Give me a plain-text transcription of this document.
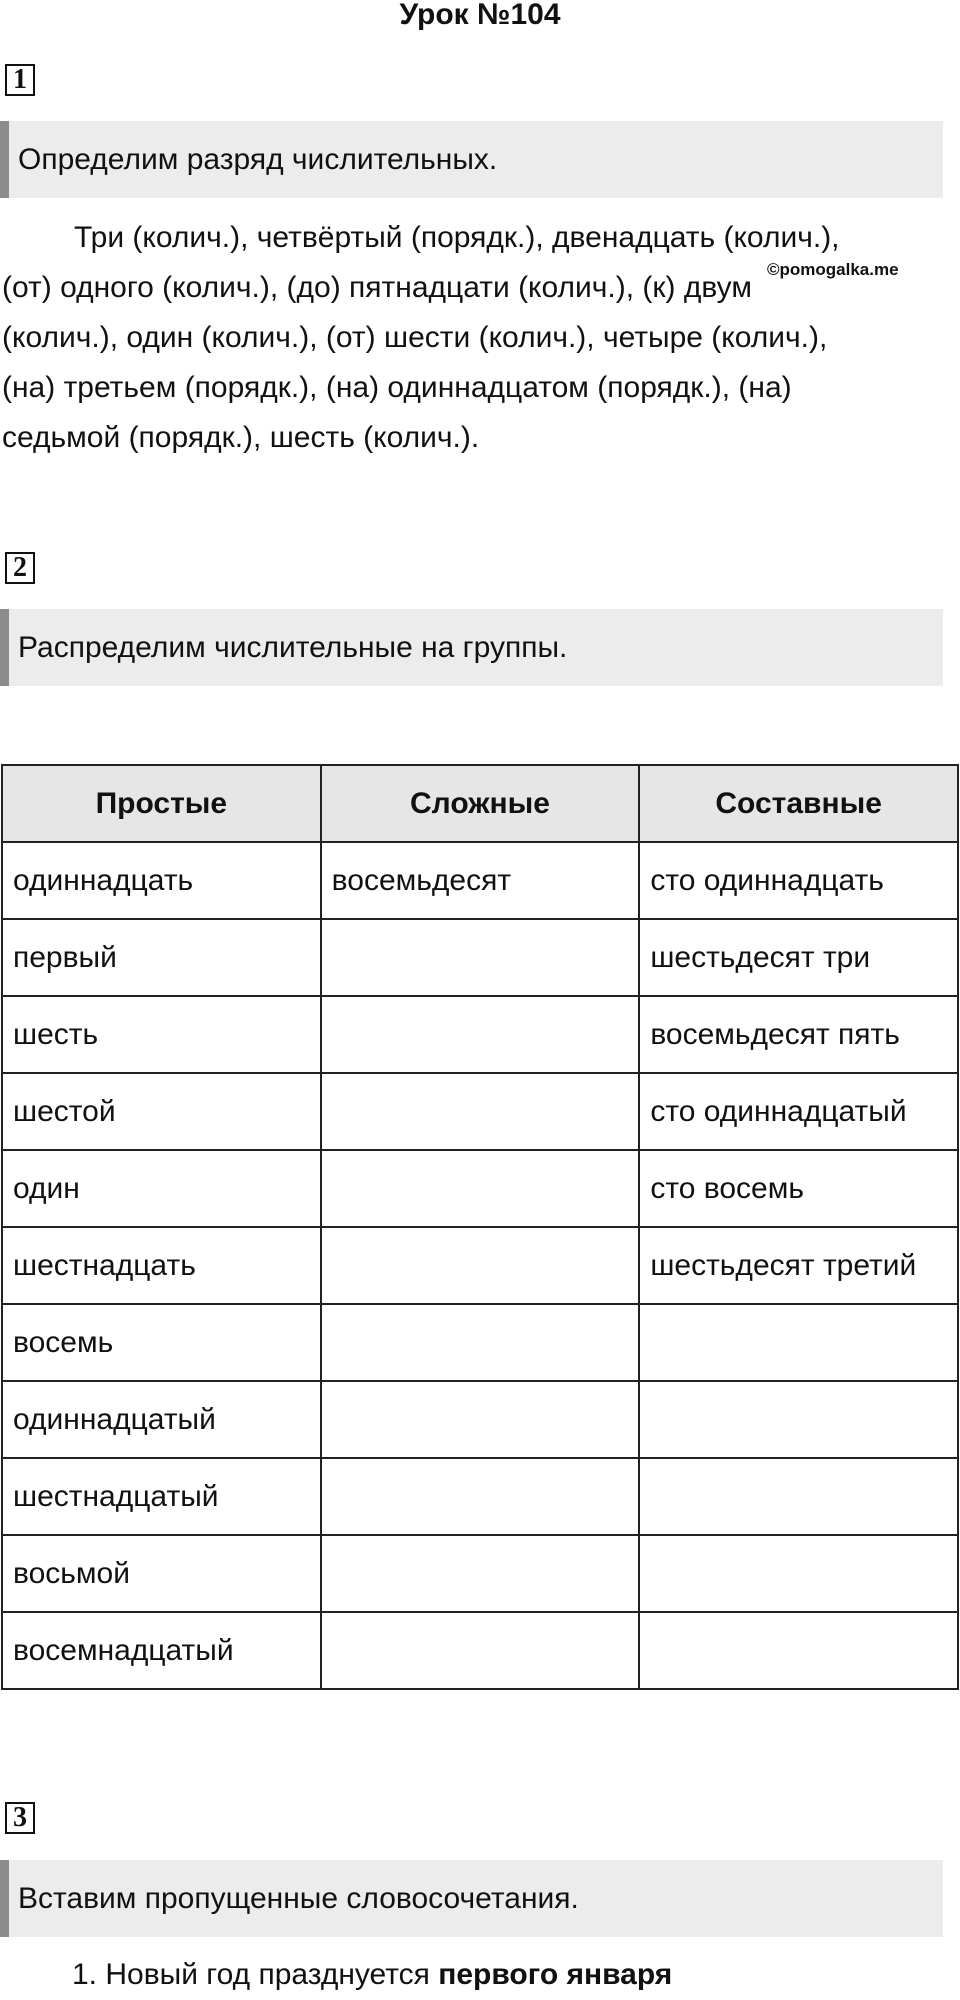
Урок №104
1
Определим разряд числительных.
Три (колич.), четвёртый (порядк.), двенадцать (колич.),
(от) одного (колич.), (до) пятнадцати (колич.), (к) двум
(колич.), один (колич.), (от) шести (колич.), четыре (колич.),
(на) третьем (порядк.), (на) одиннадцатом (порядк.), (на)
седьмой (порядк.), шесть (колич.).
©pomogalka.me
2
Распределим числительные на группы.
Простые	Сложные	Составные
одиннадцать	восемьдесят	сто одиннадцать
первый		шестьдесят три
шесть		восемьдесят пять
шестой		сто одиннадцатый
один		сто восемь
шестнадцать		шестьдесят третий
восемь		
одиннадцатый		
шестнадцатый		
восьмой		
восемнадцатый		
3
Вставим пропущенные словосочетания.
1. Новый год празднуется первого января
